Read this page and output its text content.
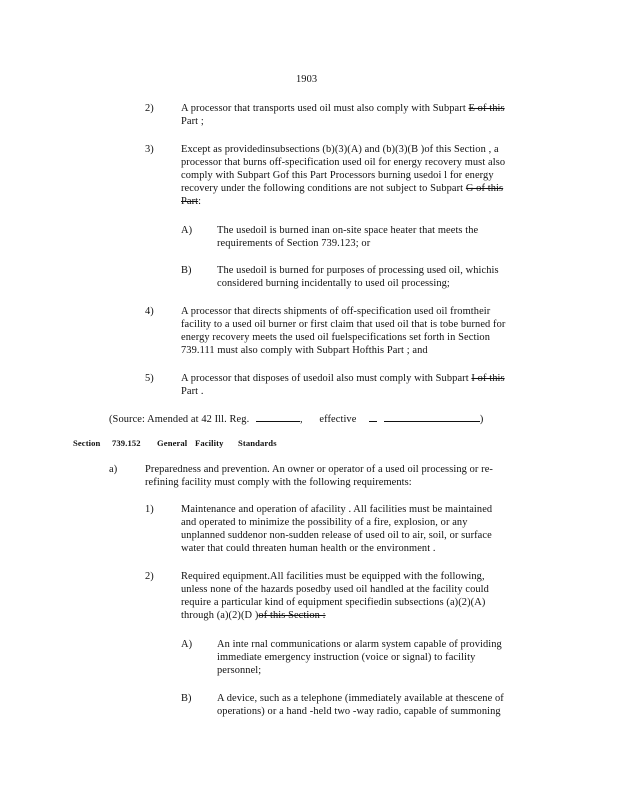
1903
2)	A processor that transports used oil must also comply with Subpart E of this
Part ;
3)	Except as providedinsubsections (b)(3)(A) and (b)(3)(B )of this Section , a
processor that burns off-specification used oil for energy recovery must also
comply with Subpart Gof this Part Processors burning usedoi l for energy
recovery under the following conditions are not subject to Subpart G of this
Part:
A) The usedoil is burned inan on-site space heater that meets the
requirements of Section 739.123; or
B) The usedoil is burned for purposes of processing used oil, whichis
considered burning incidentally to used oil processing;
4)	A processor that directs shipments of off-specification used oil fromtheir
facility to a used oil burner or first claim that used oil that is tobe burned for
energy recovery meets the used oil fuelspecifications set forth in Section
739.111 must also comply with Subpart Hofthis Part ; and
5)	A processor that disposes of usedoil also must comply with Subpart I of this
Part .
(Source: Amended at 42 Ill. Reg.	, effective	)
Section 739.152 General Facility Standards
a)	Preparedness and prevention. An owner or operator of a used oil processing or re-
refining facility must comply with the following requirements:
1)	Maintenance and operation of afacility . All facilities must be maintained
and operated to minimize the possibility of a fire, explosion, or any
unplanned suddenor non-sudden release of used oil to air, soil, or surface
water that could threaten human health or the environment .
2)	Required equipment.All facilities must be equipped with the following,
unless none of the hazards posedby used oil handled at the facility could
require a particular kind of equipment specifiedin subsections (a)(2)(A)
through (a)(2)(D )of this Section :
A) An inte rnal communications or alarm system capable of providing
immediate emergency instruction (voice or signal) to facility
personnel;
B) A device, such as a telephone (immediately available at thescene of
operations) or a hand -held two -way radio, capable of summoning
